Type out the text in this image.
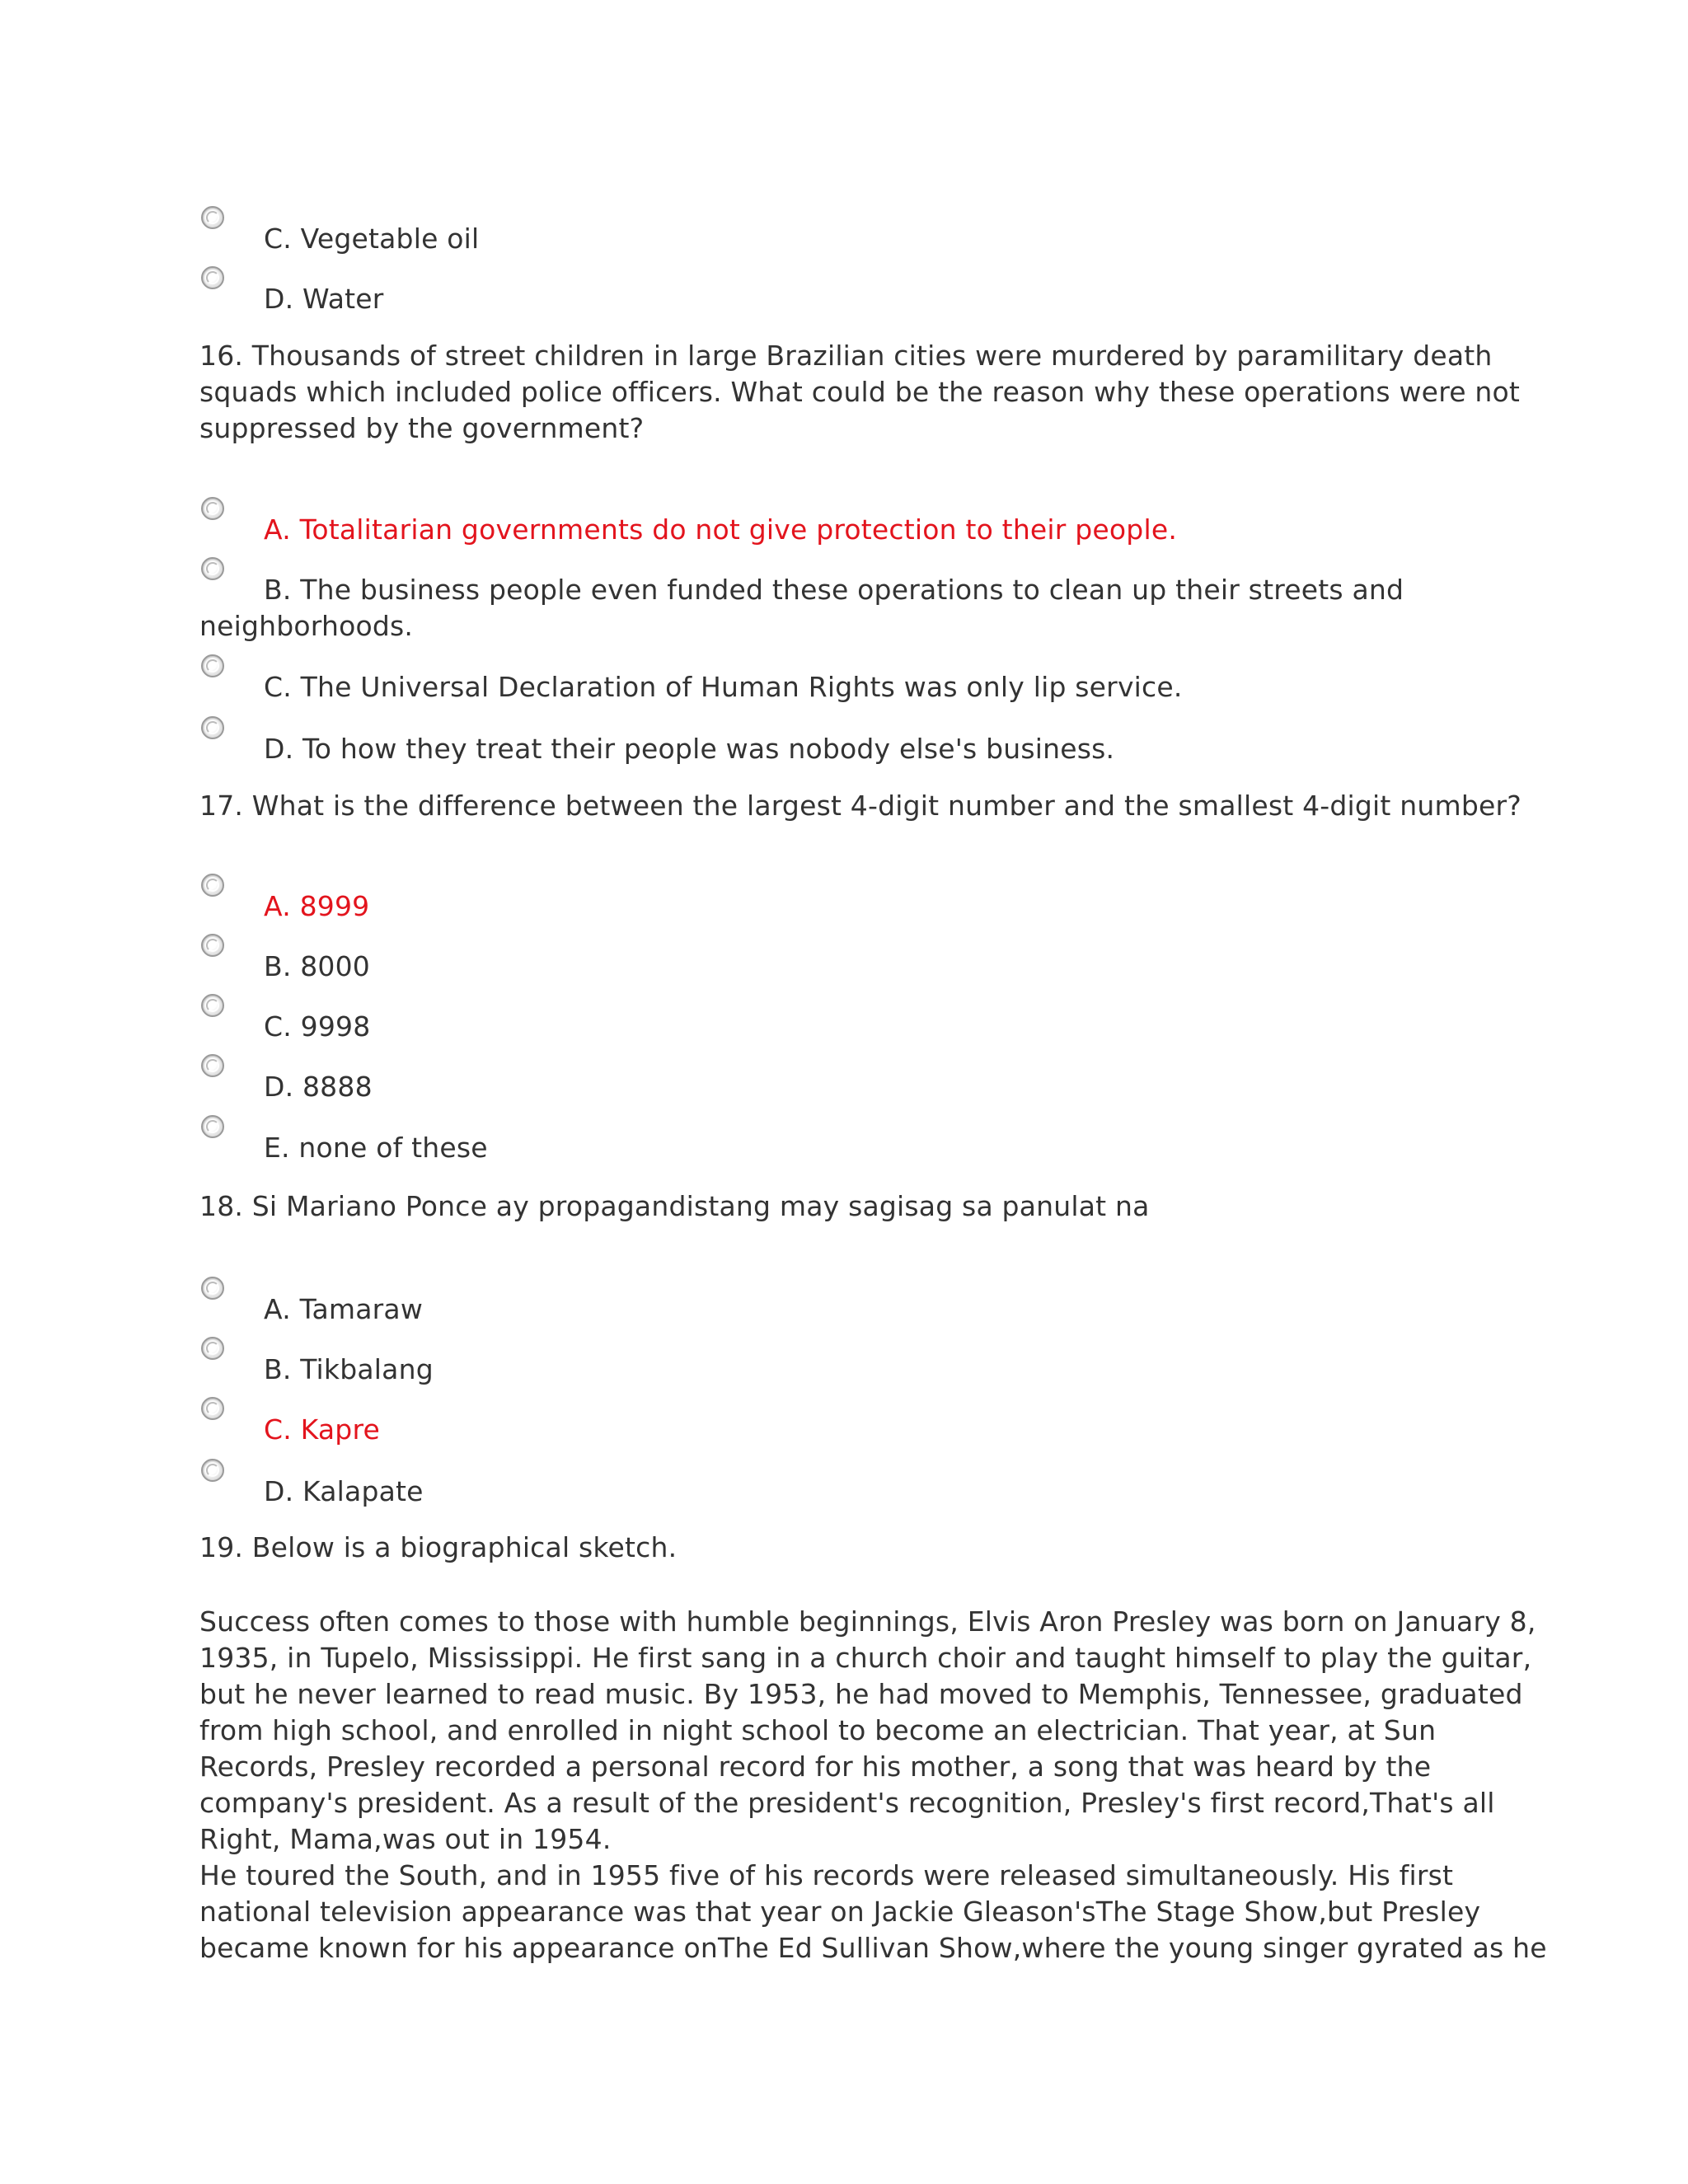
C. Vegetable oil
D. Water
16. Thousands of street children in large Brazilian cities were murdered by paramilitary death
squads which included police officers. What could be the reason why these operations were not
suppressed by the government?
A. Totalitarian governments do not give protection to their people.
B. The business people even funded these operations to clean up their streets and
neighborhoods.
C. The Universal Declaration of Human Rights was only lip service.
D. To how they treat their people was nobody else's business.
17. What is the difference between the largest 4-digit number and the smallest 4-digit number?
A. 8999
B. 8000
C. 9998
D. 8888
E. none of these
18. Si Mariano Ponce ay propagandistang may sagisag sa panulat na
A. Tamaraw
B. Tikbalang
C. Kapre
D. Kalapate
19. Below is a biographical sketch.
Success often comes to those with humble beginnings, Elvis Aron Presley was born on January 8,
1935, in Tupelo, Mississippi. He first sang in a church choir and taught himself to play the guitar,
but he never learned to read music. By 1953, he had moved to Memphis, Tennessee, graduated
from high school, and enrolled in night school to become an electrician. That year, at Sun
Records, Presley recorded a personal record for his mother, a song that was heard by the
company's president. As a result of the president's recognition, Presley's first record,That's all
Right, Mama,was out in 1954.
He toured the South, and in 1955 five of his records were released simultaneously. His first
national television appearance was that year on Jackie Gleason'sThe Stage Show,but Presley
became known for his appearance onThe Ed Sullivan Show,where the young singer gyrated as he
